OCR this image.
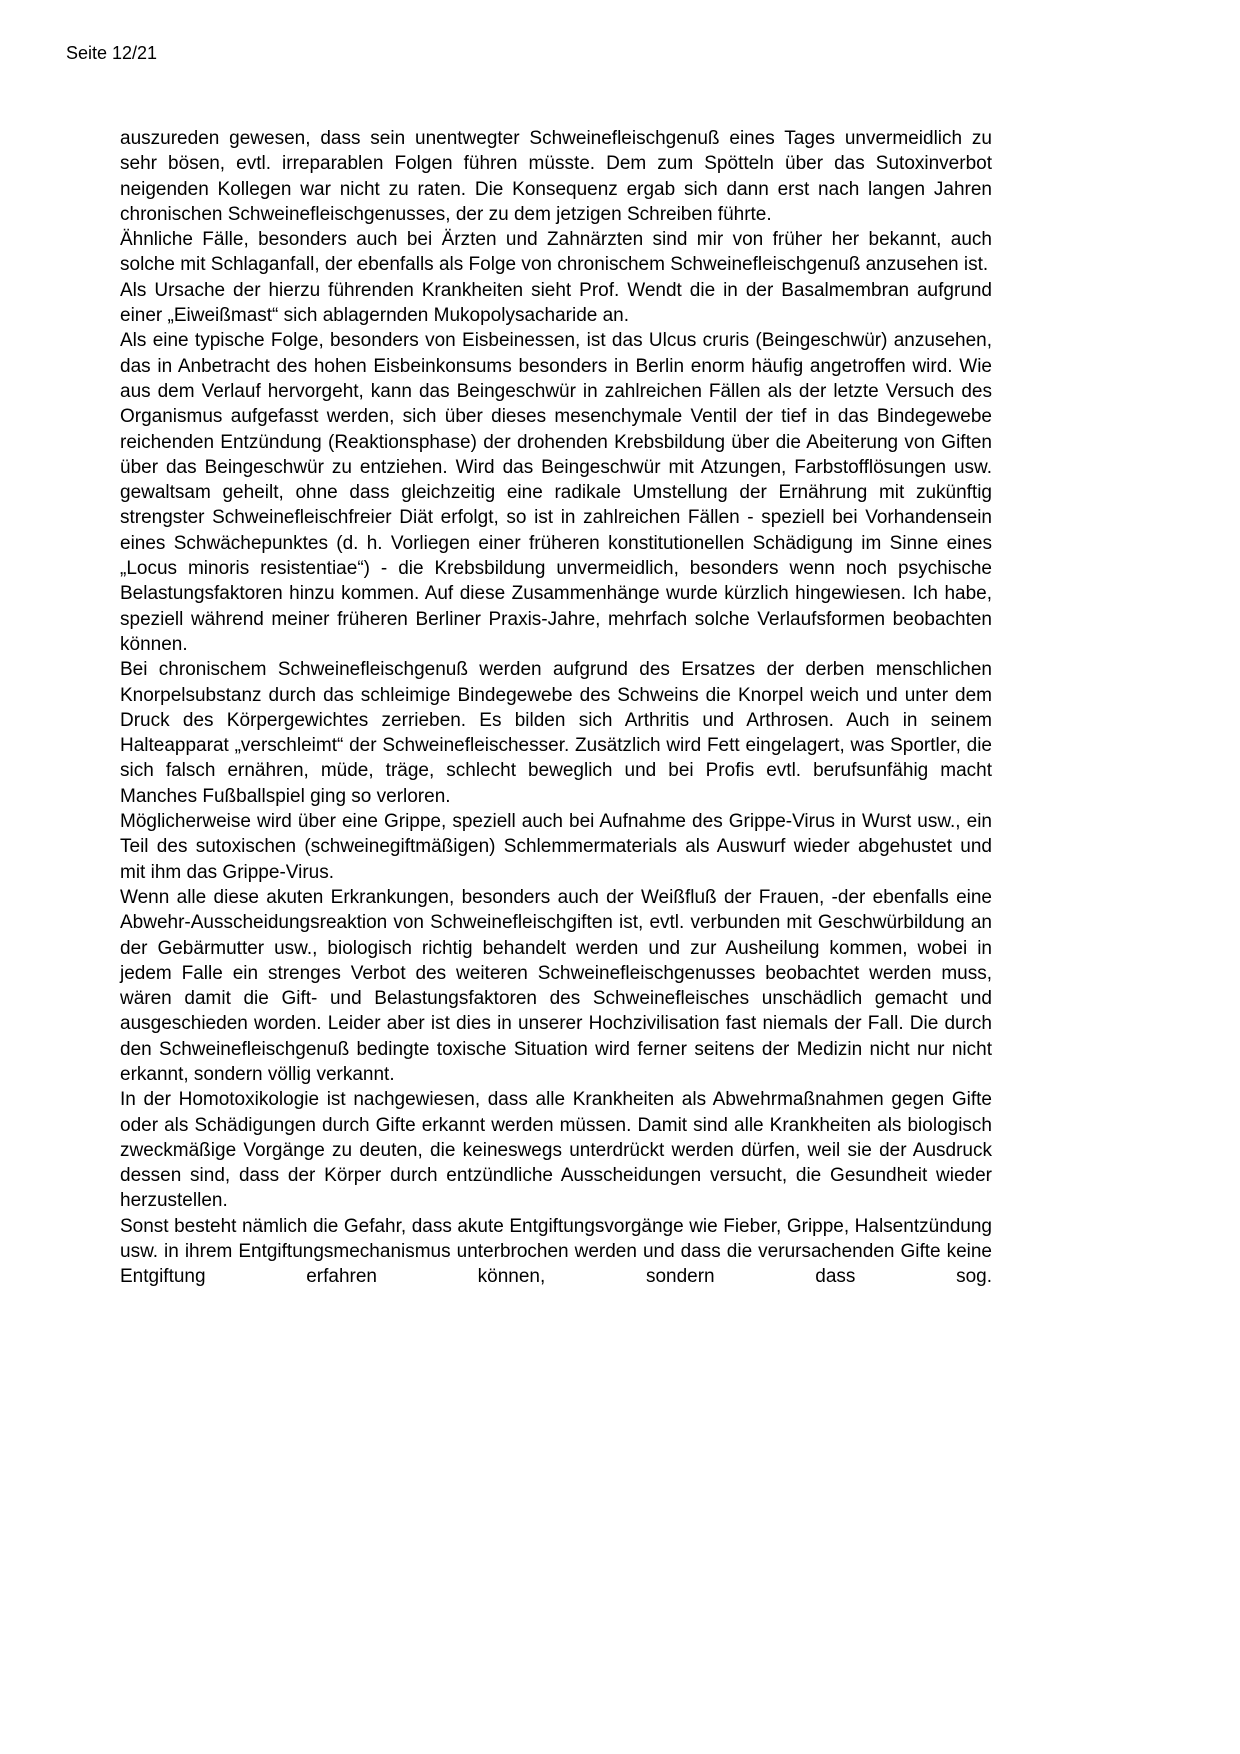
Seite 12/21

auszureden gewesen, dass sein unentwegter Schweinefleischgenuß eines Tages unvermeidlich zu sehr bösen, evtl. irreparablen Folgen führen müsste. Dem zum Spötteln über das Sutoxinverbot neigenden Kollegen war nicht zu raten. Die Konsequenz ergab sich dann erst nach langen Jahren chronischen Schweinefleischgenusses, der zu dem jetzigen Schreiben führte.

Ähnliche Fälle, besonders auch bei Ärzten und Zahnärzten sind mir von früher her bekannt, auch solche mit Schlaganfall, der ebenfalls als Folge von chronischem Schweinefleischgenuß anzusehen ist.

Als Ursache der hierzu führenden Krankheiten sieht Prof. Wendt die in der Basalmembran aufgrund einer „Eiweißmast“ sich ablagernden Mukopolysacharide an.

Als eine typische Folge, besonders von Eisbeinessen, ist das Ulcus cruris (Beingeschwür) anzusehen, das in Anbetracht des hohen Eisbeinkonsums besonders in Berlin enorm häufig angetroffen wird. Wie aus dem Verlauf hervorgeht, kann das Beingeschwür in zahlreichen Fällen als der letzte Versuch des Organismus aufgefasst werden, sich über dieses mesenchymale Ventil der tief in das Bindegewebe reichenden Entzündung (Reaktionsphase) der drohenden Krebsbildung über die Abeiterung von Giften über das Beingeschwür zu entziehen. Wird das Beingeschwür mit Atzungen, Farbstofflösungen usw. gewaltsam geheilt, ohne dass gleichzeitig eine radikale Umstellung der Ernährung mit zukünftig strengster Schweinefleischfreier Diät erfolgt, so ist in zahlreichen Fällen - speziell bei Vorhandensein eines Schwächepunktes (d. h. Vorliegen einer früheren konstitutionellen Schädigung im Sinne eines „Locus minoris resistentiae“) - die Krebsbildung unvermeidlich, besonders wenn noch psychische Belastungsfaktoren hinzu kommen. Auf diese Zusammenhänge wurde kürzlich hingewiesen. Ich habe, speziell während meiner früheren Berliner Praxis-Jahre, mehrfach solche Verlaufsformen beobachten können.

Bei chronischem Schweinefleischgenuß werden aufgrund des Ersatzes der derben menschlichen Knorpelsubstanz durch das schleimige Bindegewebe des Schweins die Knorpel weich und unter dem Druck des Körpergewichtes zerrieben. Es bilden sich Arthritis und Arthrosen. Auch in seinem Halteapparat „verschleimt“ der Schweinefleischesser. Zusätzlich wird Fett eingelagert, was Sportler, die sich falsch ernähren, müde, träge, schlecht beweglich und bei Profis evtl. berufsunfähig macht Manches Fußballspiel ging so verloren.

Möglicherweise wird über eine Grippe, speziell auch bei Aufnahme des Grippe-Virus in Wurst usw., ein Teil des sutoxischen (schweinegiftmäßigen) Schlemmermaterials als Auswurf wieder abgehustet und mit ihm das Grippe-Virus.

Wenn alle diese akuten Erkrankungen, besonders auch der Weißfluß der Frauen, -der ebenfalls eine Abwehr-Ausscheidungsreaktion von Schweinefleischgiften ist, evtl. verbunden mit Geschwürbildung an der Gebärmutter usw., biologisch richtig behandelt werden und zur Ausheilung kommen, wobei in jedem Falle ein strenges Verbot des weiteren Schweinefleischgenusses beobachtet werden muss, wären damit die Gift- und Belastungsfaktoren des Schweinefleisches unschädlich gemacht und ausgeschieden worden. Leider aber ist dies in unserer Hochzivilisation fast niemals der Fall. Die durch den Schweinefleischgenuß bedingte toxische Situation wird ferner seitens der Medizin nicht nur nicht erkannt, sondern völlig verkannt.

In der Homotoxikologie ist nachgewiesen, dass alle Krankheiten als Abwehrmaßnahmen gegen Gifte oder als Schädigungen durch Gifte erkannt werden müssen. Damit sind alle Krankheiten als biologisch zweckmäßige Vorgänge zu deuten, die keineswegs unterdrückt werden dürfen, weil sie der Ausdruck dessen sind, dass der Körper durch entzündliche Ausscheidungen versucht, die Gesundheit wieder herzustellen.

Sonst besteht nämlich die Gefahr, dass akute Entgiftungsvorgänge wie Fieber, Grippe, Halsentzündung usw. in ihrem Entgiftungsmechanismus unterbrochen werden und dass die verursachenden Gifte keine Entgiftung erfahren können, sondern dass sog.
